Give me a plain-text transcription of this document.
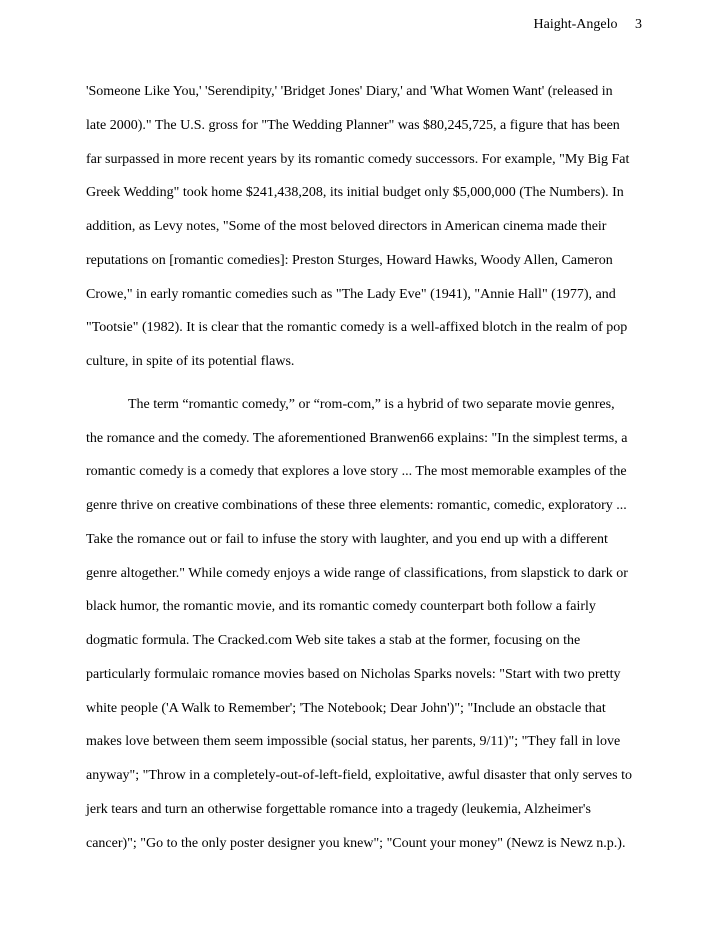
Haight-Angelo 3
'Someone Like You,' 'Serendipity,' 'Bridget Jones' Diary,' and 'What Women Want' (released in
late 2000)." The U.S. gross for "The Wedding Planner" was $80,245,725, a figure that has been
far surpassed in more recent years by its romantic comedy successors. For example, "My Big Fat
Greek Wedding" took home $241,438,208, its initial budget only $5,000,000 (The Numbers). In
addition, as Levy notes, "Some of the most beloved directors in American cinema made their
reputations on [romantic comedies]: Preston Sturges, Howard Hawks, Woody Allen, Cameron
Crowe," in early romantic comedies such as "The Lady Eve" (1941), "Annie Hall" (1977), and
"Tootsie" (1982). It is clear that the romantic comedy is a well-affixed blotch in the realm of pop
culture, in spite of its potential flaws.
The term “romantic comedy,” or “rom-com,” is a hybrid of two separate movie genres,
the romance and the comedy. The aforementioned Branwen66 explains: "In the simplest terms, a
romantic comedy is a comedy that explores a love story ... The most memorable examples of the
genre thrive on creative combinations of these three elements: romantic, comedic, exploratory ...
Take the romance out or fail to infuse the story with laughter, and you end up with a different
genre altogether." While comedy enjoys a wide range of classifications, from slapstick to dark or
black humor, the romantic movie, and its romantic comedy counterpart both follow a fairly
dogmatic formula. The Cracked.com Web site takes a stab at the former, focusing on the
particularly formulaic romance movies based on Nicholas Sparks novels: "Start with two pretty
white people ('A Walk to Remember'; 'The Notebook; Dear John')"; "Include an obstacle that
makes love between them seem impossible (social status, her parents, 9/11)"; "They fall in love
anyway"; "Throw in a completely-out-of-left-field, exploitative, awful disaster that only serves to
jerk tears and turn an otherwise forgettable romance into a tragedy (leukemia, Alzheimer's
cancer)"; "Go to the only poster designer you knew"; "Count your money" (Newz is Newz n.p.).
